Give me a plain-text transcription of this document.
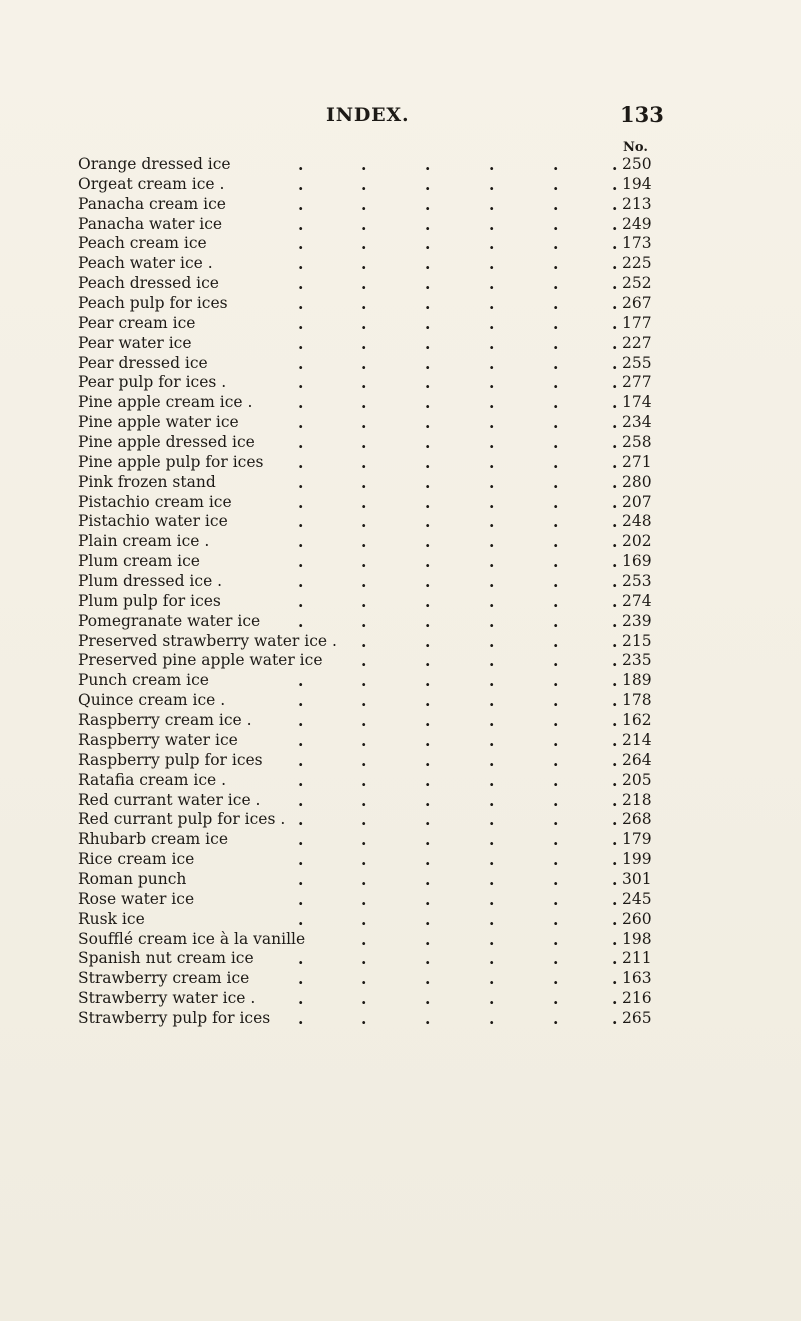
INDEX.	133
No.
.	.	.	.	.	.
Orange dressed ice	250
.	.	.	.	.	.
Orgeat cream ice .	194
.	.	.	.	.	.
Panacha cream ice	213
.	.	.	.	.	.
Panacha water ice	249
.	.	.	.	.	.
Peach cream ice	173
.	.	.	.	.	.
Peach water ice .	225
.	.	.	.	.	.
Peach dressed ice	252
.	.	.	.	.	.
Peach pulp for ices	267
.	.	.	.	.	.
Pear cream ice	177
.	.	.	.	.	.
Pear water ice	227
.	.	.	.	.	.
Pear dressed ice	255
.	.	.	.	.	.
Pear pulp for ices .	277
.	.	.	.	.	.
Pine apple cream ice .	174
.	.	.	.	.	.
Pine apple water ice	234
.	.	.	.	.	.
Pine apple dressed ice	258
.	.	.	.	.	.
Pine apple pulp for ices	271
.	.	.	.	.	.
Pink frozen stand	280
.	.	.	.	.	.
Pistachio cream ice	207
.	.	.	.	.	.
Pistachio water ice	248
.	.	.	.	.	.
Plain cream ice .	202
.	.	.	.	.	.
Plum cream ice	169
.	.	.	.	.	.
Plum dressed ice .	253
.	.	.	.	.	.
Plum pulp for ices	274
.	.	.	.	.	.
Pomegranate water ice	239
.	.	.	.	.
Preserved strawberry water ice .	215
.	.	.	.	.
Preserved pine apple water ice	235
.	.	.	.	.	.
Punch cream ice	189
.	.	.	.	.	.
Quince cream ice .	178
.	.	.	.	.	.
Raspberry cream ice .	162
.	.	.	.	.	.
Raspberry water ice	214
.	.	.	.	.	.
Raspberry pulp for ices	264
.	.	.	.	.	.
Ratafia cream ice .	205
.	.	.	.	.	.
Red currant water ice .	218
.	.	.	.	.	.
Red currant pulp for ices .	268
.	.	.	.	.	.
Rhubarb cream ice	179
.	.	.	.	.	.
Rice cream ice	199
.	.	.	.	.	.
Roman punch	301
.	.	.	.	.	.
Rose water ice	245
.	.	.	.	.	.
Rusk ice	260
.	.	.	.	.
Soufflé cream ice à la vanille	198
.	.	.	.	.	.
Spanish nut cream ice	211
.	.	.	.	.	.
Strawberry cream ice	163
.	.	.	.	.	.
Strawberry water ice .	216
.	.	.	.	.	.
Strawberry pulp for ices	265
